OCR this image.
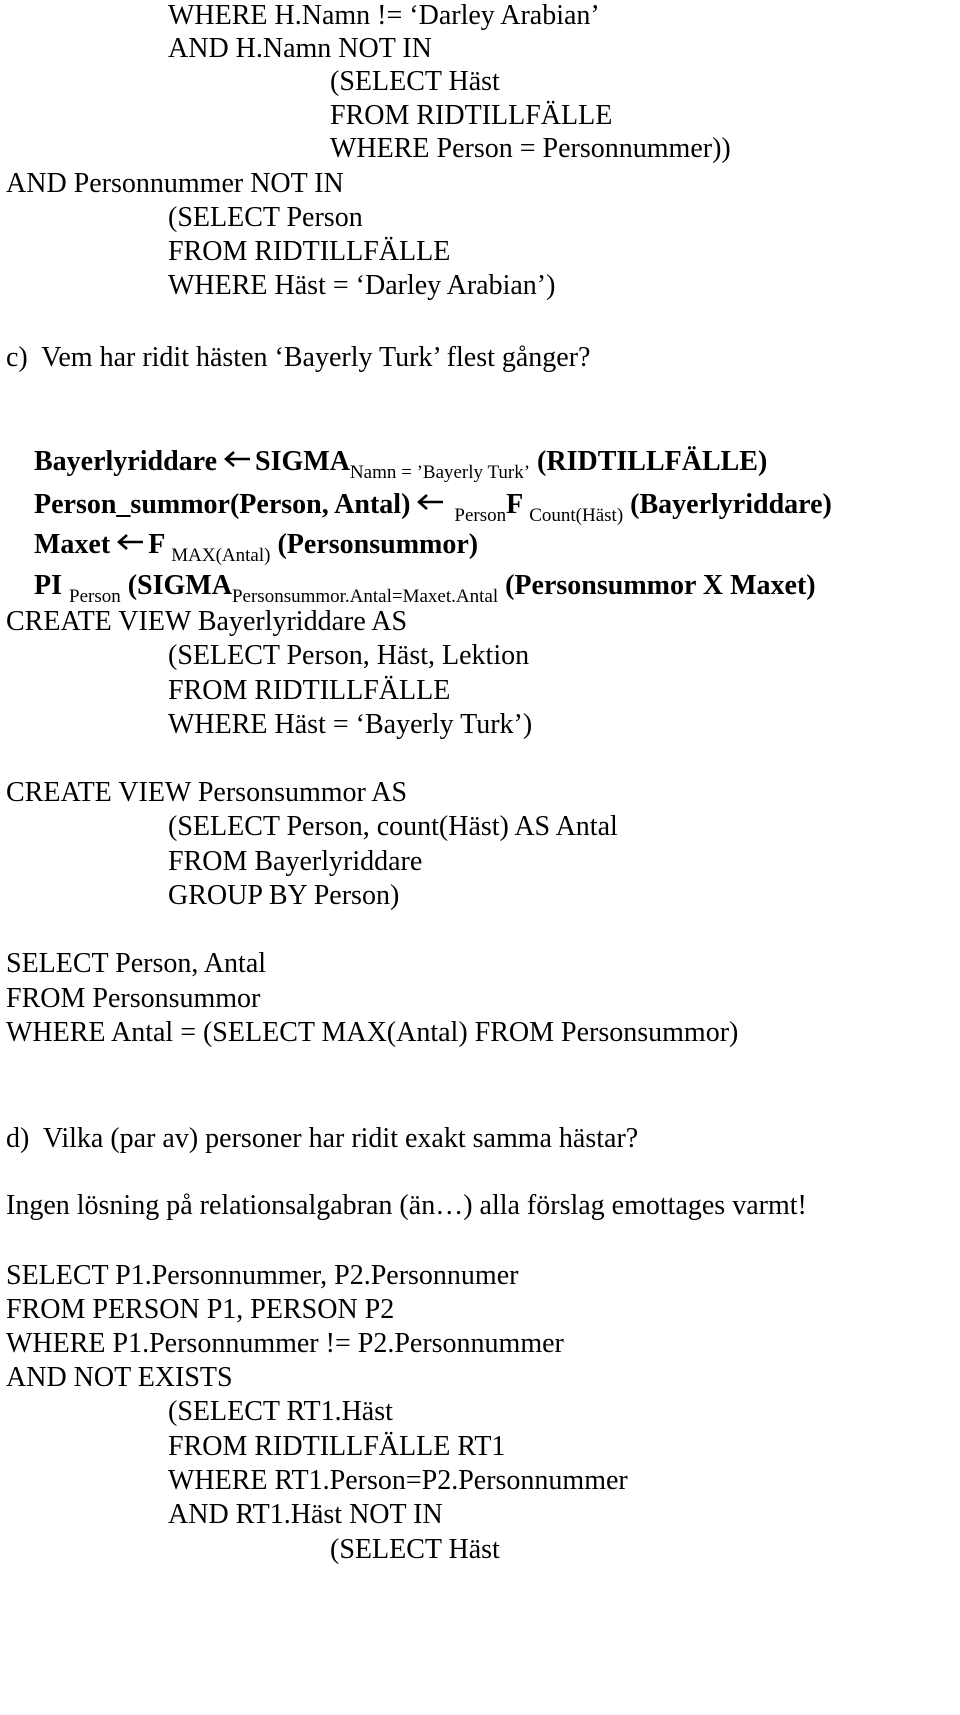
WHERE H.Namn != ‘Darley Arabian’

AND H.Namn NOT IN

(SELECT Häst

FROM RIDTILLFÄLLE

WHERE Person = Personnummer))

AND Personnummer NOT IN

(SELECT Person

FROM RIDTILLFÄLLE

WHERE Häst = ‘Darley Arabian’)

c)  Vem har ridit hästen ‘Bayerly Turk’ flest gånger?

Bayerlyriddare $SIGMA_{Namn = ’Bayerly Turk’}$ (RIDTILLFÄLLE)

Person_summor(Person, Antal) $_{Person}$F $_{Count(Häst)}$ (Bayerlyriddare)

Maxet F $_{MAX(Antal)}$ (Personsummor)

PI $_{Person}$ ($SIGMA_{Personsummor.Antal=Maxet.Antal}$ (Personsummor X Maxet)

CREATE VIEW Bayerlyriddare AS

(SELECT Person, Häst, Lektion

FROM RIDTILLFÄLLE

WHERE Häst = ‘Bayerly Turk’)

CREATE VIEW Personsummor AS

(SELECT Person, count(Häst) AS Antal

FROM Bayerlyriddare

GROUP BY Person)

SELECT Person, Antal

FROM Personsummor

WHERE Antal = (SELECT MAX(Antal) FROM Personsummor)

d)  Vilka (par av) personer har ridit exakt samma hästar?

Ingen lösning på relationsalgabran (än…) alla förslag emottages varmt!

SELECT P1.Personnummer, P2.Personnumer

FROM PERSON P1, PERSON P2

WHERE P1.Personnummer != P2.Personnummer

AND NOT EXISTS

(SELECT RT1.Häst

FROM RIDTILLFÄLLE RT1

WHERE RT1.Person=P2.Personnummer

AND RT1.Häst NOT IN

(SELECT Häst
